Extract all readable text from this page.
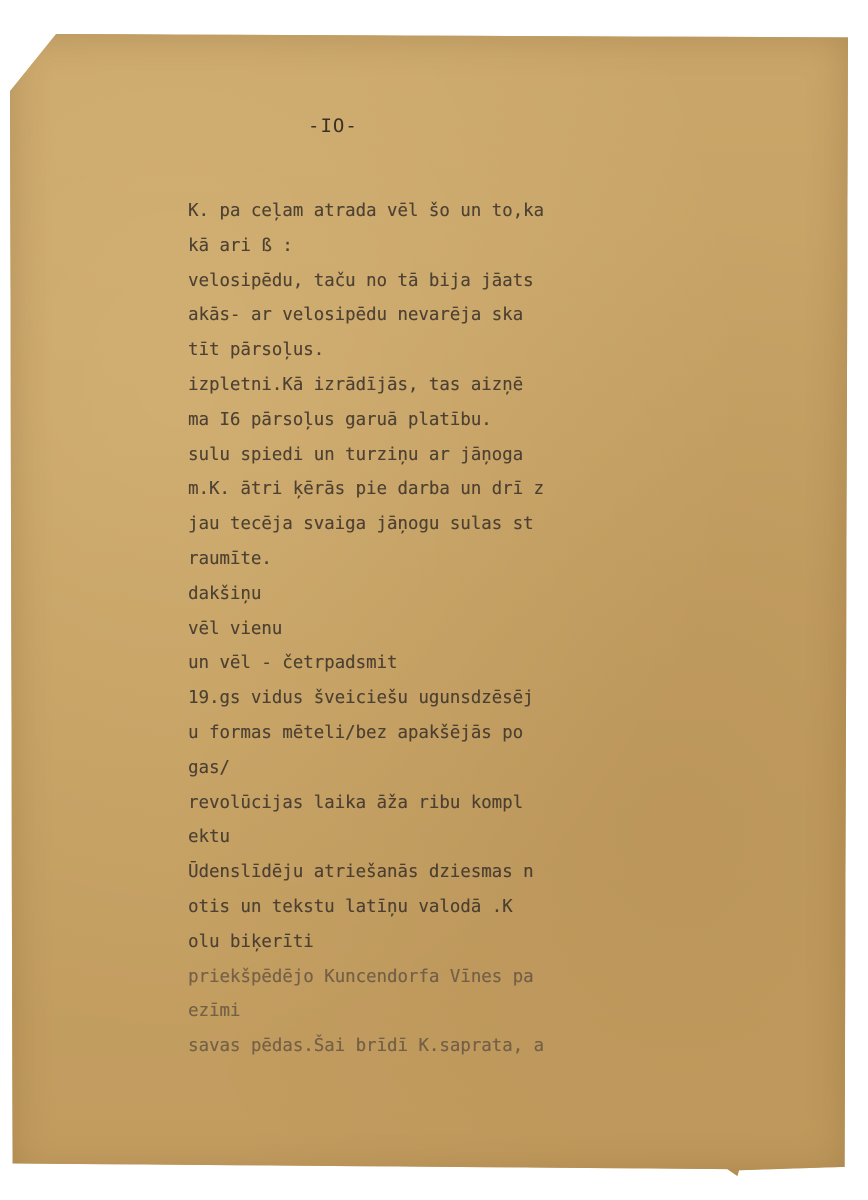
-IO-
K. pa ceļam atrada vēl šo un to,ka
kā ari ß :
velosipēdu, taču no tā bija jāats
akās- ar velosipēdu nevarēja ska
tīt pārsoļus.
izpletni.Kā izrādījās, tas aizņē
ma I6 pārsoļus garuā platību.
sulu spiedi un turziņu ar jāņoga
m.K. ātri ķērās pie darba un drī z
jau tecēja svaiga jāņogu sulas st
raumīte.
dakšiņu
vēl vienu
un vēl - četrpadsmit
19.gs vidus šveiciešu ugunsdzēsēj
u formas mēteli/bez apakšējās po
gas/
revolūcijas laika āža ribu kompl
ektu
Ūdenslīdēju atriešanās dziesmas n
otis un tekstu latīņu valodā .K
olu biķerīti
priekšpēdējo Kuncendorfa Vīnes pa
ezīmi
savas pēdas.Šai brīdī K.saprata, a
